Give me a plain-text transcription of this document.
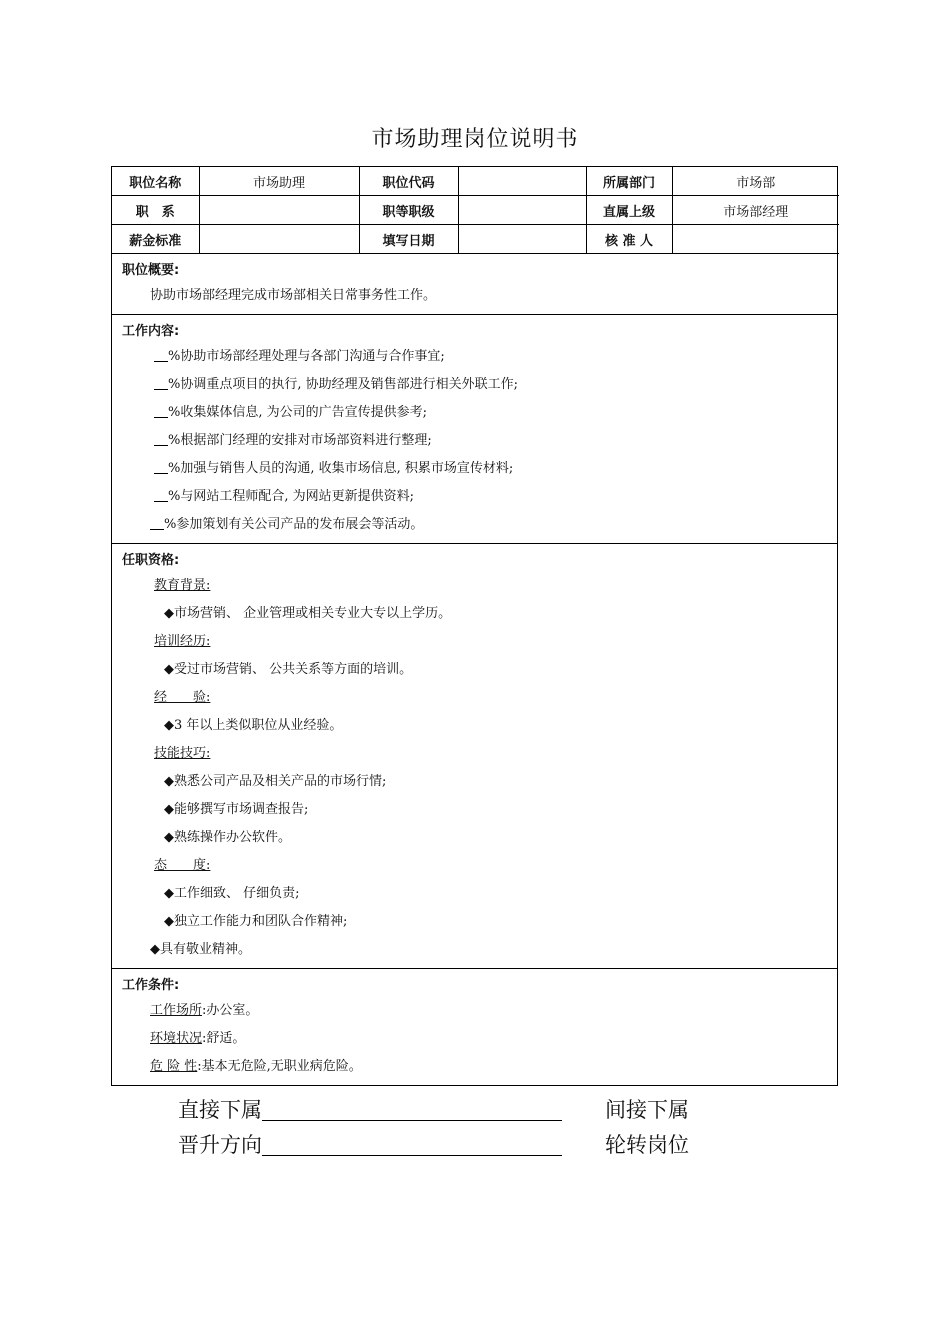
市场助理岗位说明书
职位名称	市场助理	职位代码		所属部门	市场部
职　系		职等职级		直属上级	市场部经理
薪金标准		填写日期		核 准 人	
职位概要:
协助市场部经理完成市场部相关日常事务性工作。
工作内容:
%协助市场部经理处理与各部门沟通与合作事宜;
%协调重点项目的执行, 协助经理及销售部进行相关外联工作;
%收集媒体信息, 为公司的广告宣传提供参考;
%根据部门经理的安排对市场部资料进行整理;
%加强与销售人员的沟通, 收集市场信息, 积累市场宣传材料;
%与网站工程师配合, 为网站更新提供资料;
%参加策划有关公司产品的发布展会等活动。
任职资格:
教育背景:
◆市场营销、 企业管理或相关专业大专以上学历。
培训经历:
◆受过市场营销、 公共关系等方面的培训。
经　　验:
◆3 年以上类似职位从业经验。
技能技巧:
◆熟悉公司产品及相关产品的市场行情;
◆能够撰写市场调查报告;
◆熟练操作办公软件。
态　　度:
◆工作细致、 仔细负责;
◆独立工作能力和团队合作精神;
◆具有敬业精神。
工作条件:
工作场所:办公室。
环境状况:舒适。
危 险 性:基本无危险,无职业病危险。
直接下属	间接下属
晋升方向	轮转岗位
